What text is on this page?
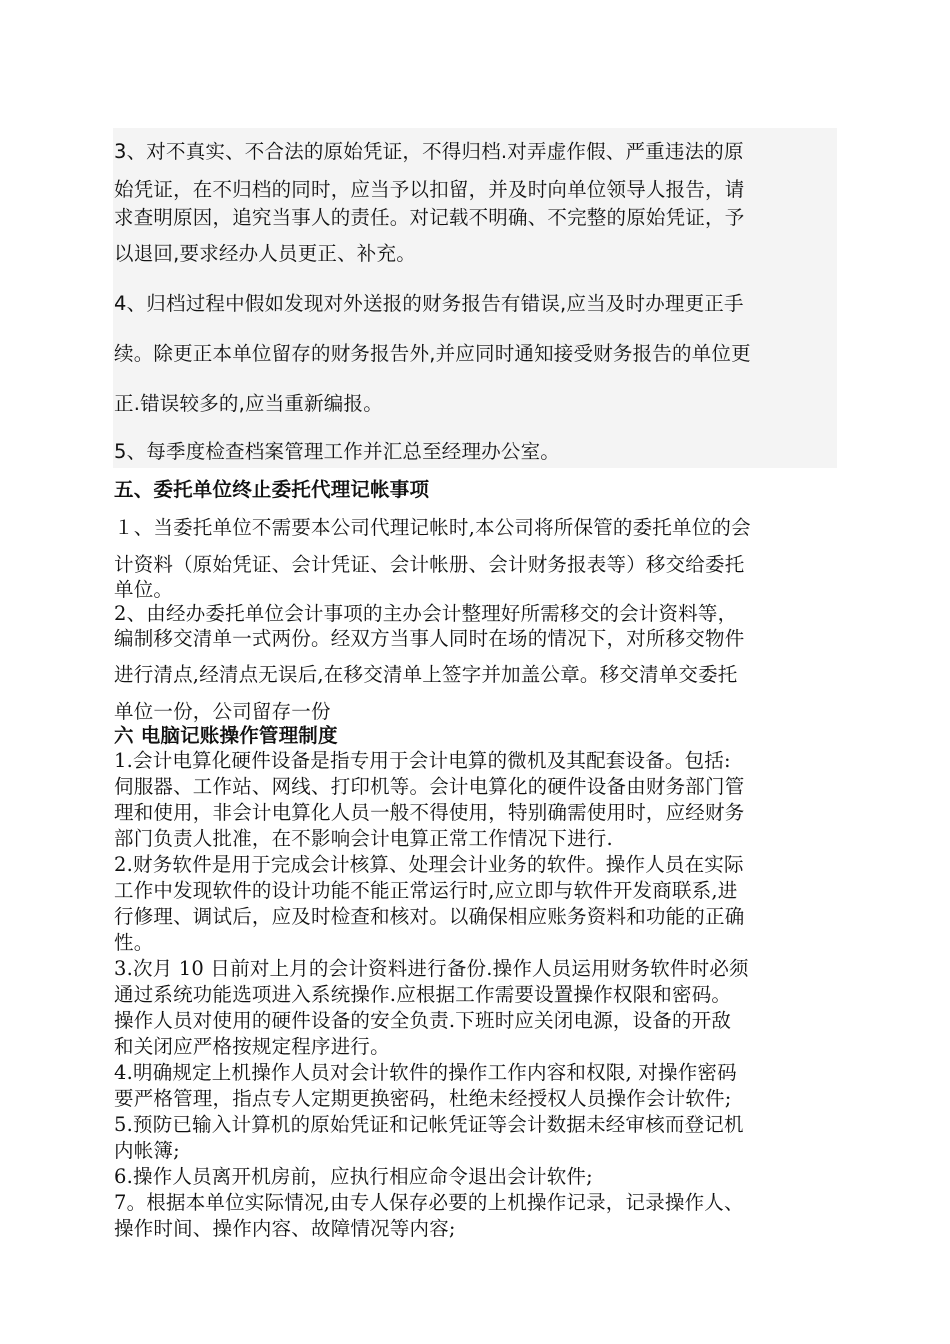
3、对不真实、不合法的原始凭证，不得归档.对弄虚作假、严重违法的原

始凭证，在不归档的同时，应当予以扣留，并及时向单位领导人报告，请

求查明原因，追究当事人的责任。对记载不明确、不完整的原始凭证，予

以退回,要求经办人员更正、补充。

4、归档过程中假如发现对外送报的财务报告有错误,应当及时办理更正手

续。除更正本单位留存的财务报告外,并应同时通知接受财务报告的单位更

正.错误较多的,应当重新编报。

5、每季度检查档案管理工作并汇总至经理办公室。

五、委托单位终止委托代理记帐事项

１、当委托单位不需要本公司代理记帐时,本公司将所保管的委托单位的会

计资料（原始凭证、会计凭证、会计帐册、会计财务报表等）移交给委托

单位。

2、由经办委托单位会计事项的主办会计整理好所需移交的会计资料等，

编制移交清单一式两份。经双方当事人同时在场的情况下，对所移交物件

进行清点,经清点无误后,在移交清单上签字并加盖公章。移交清单交委托

单位一份，公司留存一份

六 电脑记账操作管理制度

1.会计电算化硬件设备是指专用于会计电算的微机及其配套设备。包括:

伺服器、工作站、网线、打印机等。会计电算化的硬件设备由财务部门管

理和使用，非会计电算化人员一般不得使用，特别确需使用时，应经财务

部门负责人批准，在不影响会计电算正常工作情况下进行.

2.财务软件是用于完成会计核算、处理会计业务的软件。操作人员在实际

工作中发现软件的设计功能不能正常运行时,应立即与软件开发商联系,进

行修理、调试后，应及时检查和核对。以确保相应账务资料和功能的正确

性。

3.次月 10 日前对上月的会计资料进行备份.操作人员运用财务软件时必须

通过系统功能选项进入系统操作.应根据工作需要设置操作权限和密码。

操作人员对使用的硬件设备的安全负责.下班时应关闭电源，设备的开敌

和关闭应严格按规定程序进行。

4.明确规定上机操作人员对会计软件的操作工作内容和权限, 对操作密码

要严格管理，指点专人定期更换密码，杜绝未经授权人员操作会计软件;

5.预防已输入计算机的原始凭证和记帐凭证等会计数据未经审核而登记机

内帐簿;

6.操作人员离开机房前，应执行相应命令退出会计软件;

7。根据本单位实际情况,由专人保存必要的上机操作记录，记录操作人、

操作时间、操作内容、故障情况等内容;
